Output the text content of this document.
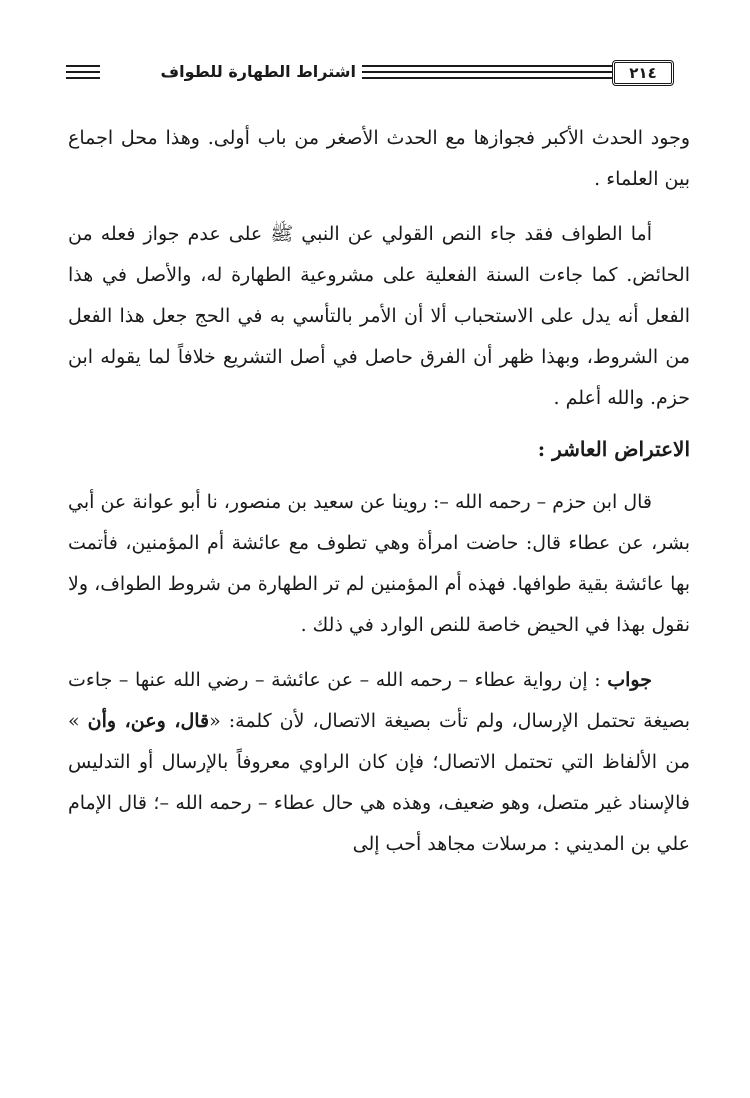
اشتراط الطهارة للطواف	٢١٤

وجود الحدث الأكبر فجوازها مع الحدث الأصغر من باب أولى. وهذا محل اجماع بين العلماء .

أما الطواف فقد جاء النص القولي عن النبي ﷺ على عدم جواز فعله من الحائض. كما جاءت السنة الفعلية على مشروعية الطهارة له، والأصل في هذا الفعل أنه يدل على الاستحباب ألا أن الأمر بالتأسي به في الحج جعل هذا الفعل من الشروط، وبهذا ظهر أن الفرق حاصل في أصل التشريع خلافاً لما يقوله ابن حزم. والله أعلم .

الاعتراض العاشر :

قال ابن حزم – رحمه الله –: روينا عن سعيد بن منصور، نا أبو عوانة عن أبي بشر، عن عطاء قال: حاضت امرأة وهي تطوف مع عائشة أم المؤمنين، فأتمت بها عائشة بقية طوافها. فهذه أم المؤمنين لم تر الطهارة من شروط الطواف، ولا نقول بهذا في الحيض خاصة للنص الوارد في ذلك .

جواب : إن رواية عطاء – رحمه الله – عن عائشة – رضي الله عنها – جاءت بصيغة تحتمل الإرسال، ولم تأت بصيغة الاتصال، لأن كلمة: «قال، وعن، وأن » من الألفاظ التي تحتمل الاتصال؛ فإن كان الراوي معروفاً بالإرسال أو التدليس فالإسناد غير متصل، وهو ضعيف، وهذه هي حال عطاء – رحمه الله –؛ قال الإمام علي بن المديني : مرسلات مجاهد أحب إلى
